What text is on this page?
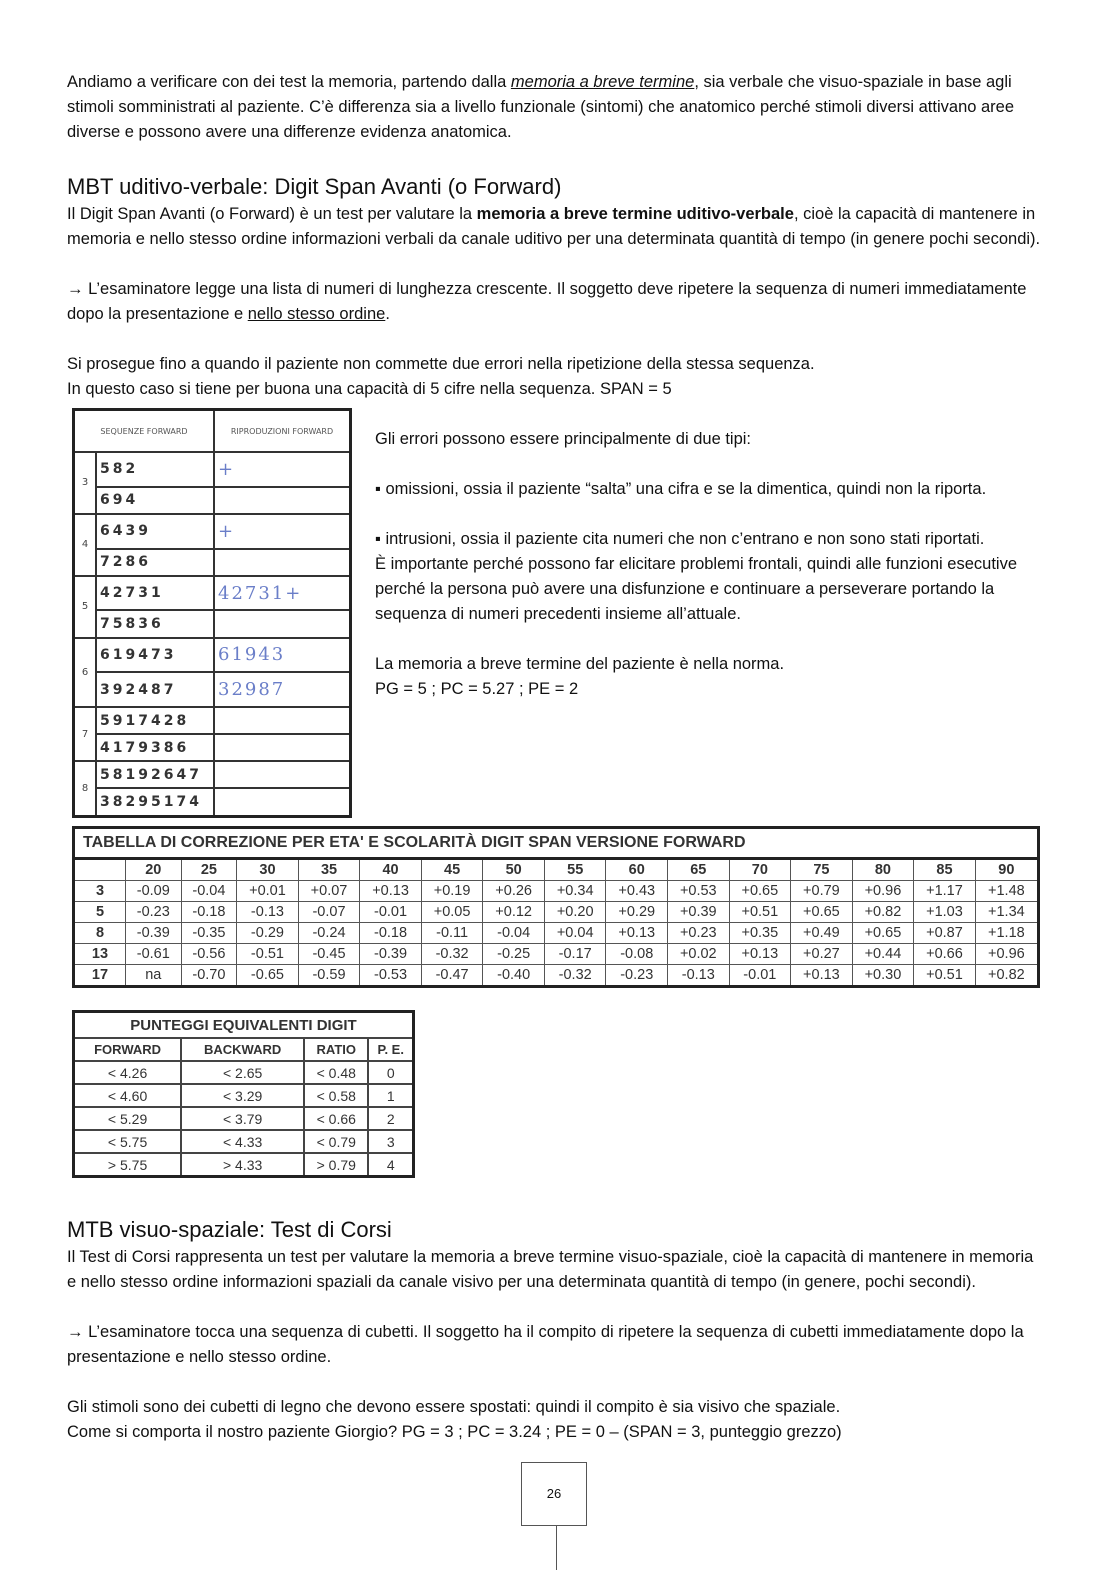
Andiamo a verificare con dei test la memoria, partendo dalla memoria a breve termine, sia verbale che visuo-spaziale in base agli stimoli somministrati al paziente. C’è differenza sia a livello funzionale (sintomi) che anatomico perché stimoli diversi attivano aree diverse e possono avere una differenze evidenza anatomica.

MBT uditivo-verbale: Digit Span Avanti (o Forward)

Il Digit Span Avanti (o Forward) è un test per valutare la memoria a breve termine uditivo-verbale, cioè la capacità di mantenere in memoria e nello stesso ordine informazioni verbali da canale uditivo per una determinata quantità di tempo (in genere pochi secondi).

→ L’esaminatore legge una lista di numeri di lunghezza crescente. Il soggetto deve ripetere la sequenza di numeri immediatamente dopo la presentazione e nello stesso ordine.

Si prosegue fino a quando il paziente non commette due errori nella ripetizione della stessa sequenza.

In questo caso si tiene per buona una capacità di 5 cifre nella sequenza. SPAN = 5

SEQUENZE FORWARD		RIPRODUZIONI FORWARD
3	582	+
	694	
4	6439	+
	7286	
5	42731	42731+
	75836	
6	619473	61943
	392487	32987
7	5917428	
	4179386	
8	58192647	
	38295174	

Gli errori possono essere principalmente di due tipi:

▪ omissioni, ossia il paziente “salta” una cifra e se la dimentica, quindi non la riporta.

▪ intrusioni, ossia il paziente cita numeri che non c’entrano e non sono stati riportati.

È importante perché possono far elicitare problemi frontali, quindi alle funzioni esecutive perché la persona può avere una disfunzione e continuare a perseverare portando la sequenza di numeri precedenti insieme all’attuale.

La memoria a breve termine del paziente è nella norma.

PG = 5 ; PC = 5.27 ; PE = 2

TABELLA DI CORREZIONE PER ETA' E SCOLARITÀ DIGIT SPAN VERSIONE FORWARD															
	20	25	30	35	40	45	50	55	60	65	70	75	80	85	90
3	-0.09	-0.04	+0.01	+0.07	+0.13	+0.19	+0.26	+0.34	+0.43	+0.53	+0.65	+0.79	+0.96	+1.17	+1.48
5	-0.23	-0.18	-0.13	-0.07	-0.01	+0.05	+0.12	+0.20	+0.29	+0.39	+0.51	+0.65	+0.82	+1.03	+1.34
8	-0.39	-0.35	-0.29	-0.24	-0.18	-0.11	-0.04	+0.04	+0.13	+0.23	+0.35	+0.49	+0.65	+0.87	+1.18
13	-0.61	-0.56	-0.51	-0.45	-0.39	-0.32	-0.25	-0.17	-0.08	+0.02	+0.13	+0.27	+0.44	+0.66	+0.96
17	na	-0.70	-0.65	-0.59	-0.53	-0.47	-0.40	-0.32	-0.23	-0.13	-0.01	+0.13	+0.30	+0.51	+0.82
PUNTEGGI EQUIVALENTI DIGIT			
FORWARD	BACKWARD	RATIO	P. E.
< 4.26	< 2.65	< 0.48	0
< 4.60	< 3.29	< 0.58	1
< 5.29	< 3.79	< 0.66	2
< 5.75	< 4.33	< 0.79	3
> 5.75	> 4.33	> 0.79	4
MTB visuo-spaziale: Test di Corsi

Il Test di Corsi rappresenta un test per valutare la memoria a breve termine visuo-spaziale, cioè la capacità di mantenere in memoria e nello stesso ordine informazioni spaziali da canale visivo per una determinata quantità di tempo (in genere, pochi secondi).

→ L’esaminatore tocca una sequenza di cubetti. Il soggetto ha il compito di ripetere la sequenza di cubetti immediatamente dopo la presentazione e nello stesso ordine.

Gli stimoli sono dei cubetti di legno che devono essere spostati: quindi il compito è sia visivo che spaziale.

Come si comporta il nostro paziente Giorgio? PG = 3 ; PC = 3.24 ; PE = 0 – (SPAN = 3, punteggio grezzo)

26
